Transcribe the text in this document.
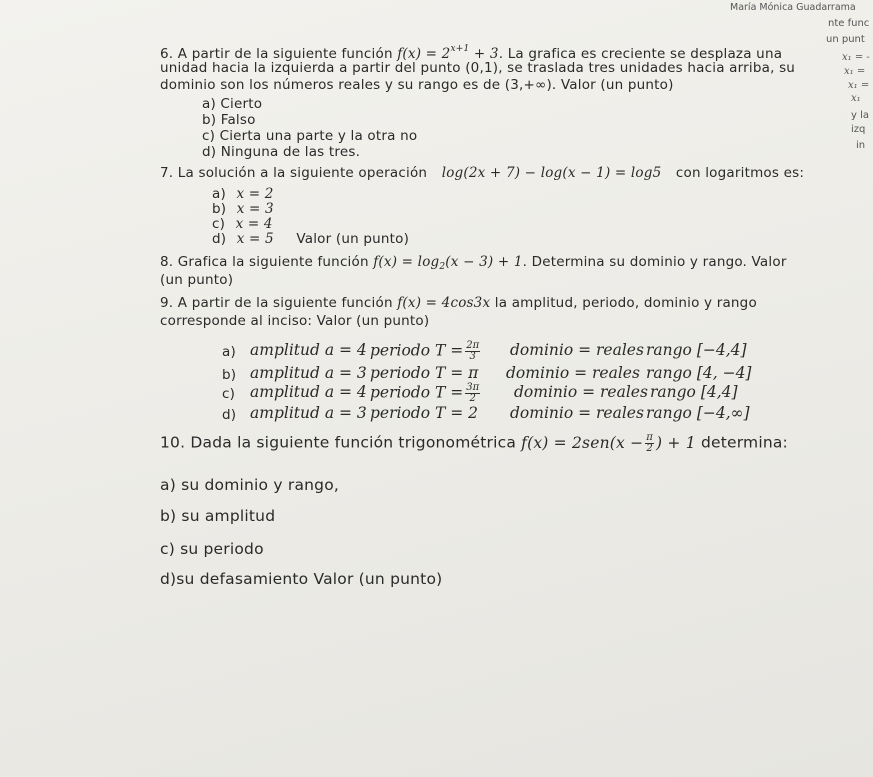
María Mónica Guadarrama
nte func
un punt
x₁ = -
x₁ =
x₁ =
x₁
y la
izq
in
6. A partir de la siguiente función $f(x) = 2^{x+1} + 3$. La grafica es creciente se desplaza una
unidad hacia la izquierda a partir del punto (0,1), se traslada tres unidades hacia arriba, su
dominio son los números reales y su rango es de (3,+∞). Valor (un punto)
a) Cierto
b) Falso
c) Cierta una parte y la otra no
d) Ninguna de las tres.
7. La solución a la siguiente operación log(2x + 7) − log(x − 1) = log5 con logaritmos es:
a) x = 2
b) x = 3
c) x = 4
d) x = 5 Valor (un punto)
8. Grafica la siguiente función $f(x) = \log_2(x - 3) + 1$. Determina su dominio y rango. Valor
(un punto)
9. A partir de la siguiente función f(x) = 4cos3x la amplitud, periodo, dominio y rango
corresponde al inciso: Valor (un punto)
a) amplitud a = 4 periodo $T = \frac{2\pi}{3}$ dominio = reales rango [−4,4]
b) amplitud a = 3 periodo T = π dominio = reales rango [4, −4]
c) amplitud a = 4 periodo $T = \frac{3\pi}{2}$ dominio = reales rango [4,4]
d) amplitud a = 3 periodo T = 2 dominio = reales rango [−4,∞]
10. Dada la siguiente función trigonométrica $f(x) = 2sen(x - \frac{\pi}{2}$ ) + 1 determina:
a) su dominio y rango,
b) su amplitud
c) su periodo
d)su defasamiento Valor (un punto)
